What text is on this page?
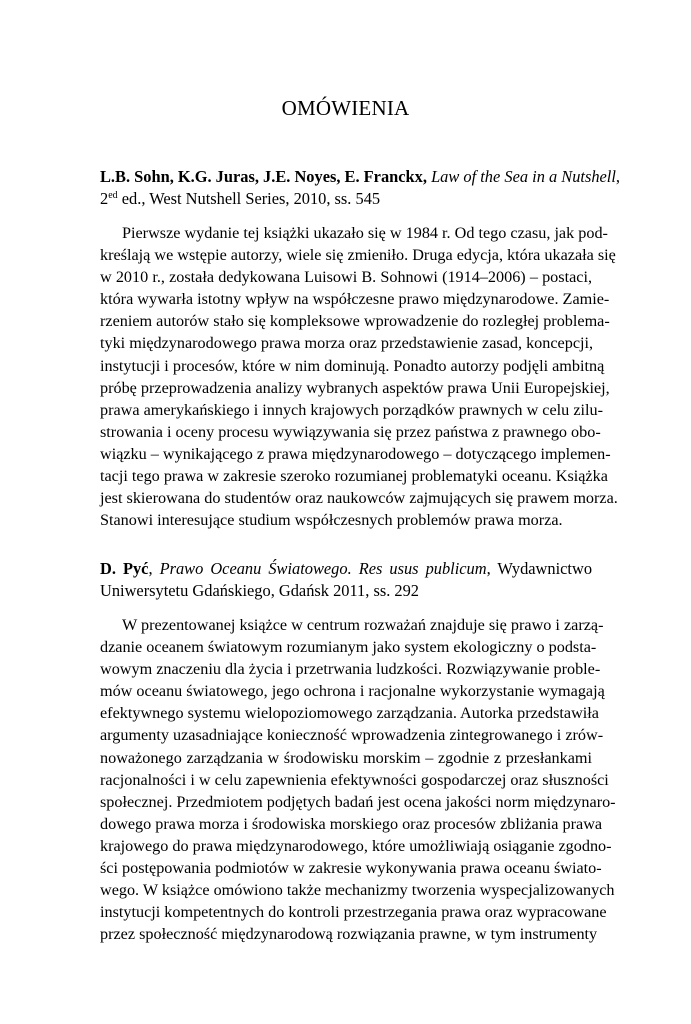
OMÓWIENIA
L.B. Sohn, K.G. Juras, J.E. Noyes, E. Franckx, Law of the Sea in a Nutshell,
$2^{ed}$ ed., West Nutshell Series, 2010, ss. 545
Pierwsze wydanie tej książki ukazało się w 1984 r. Od tego czasu, jak pod-
kreślają we wstępie autorzy, wiele się zmieniło. Druga edycja, która ukazała się
w 2010 r., została dedykowana Luisowi B. Sohnowi (1914–2006) – postaci,
która wywarła istotny wpływ na współczesne prawo międzynarodowe. Zamie-
rzeniem autorów stało się kompleksowe wprowadzenie do rozległej problema-
tyki międzynarodowego prawa morza oraz przedstawienie zasad, koncepcji,
instytucji i procesów, które w nim dominują. Ponadto autorzy podjęli ambitną
próbę przeprowadzenia analizy wybranych aspektów prawa Unii Europejskiej,
prawa amerykańskiego i innych krajowych porządków prawnych w celu zilu-
strowania i oceny procesu wywiązywania się przez państwa z prawnego obo-
wiązku – wynikającego z prawa międzynarodowego – dotyczącego implemen-
tacji tego prawa w zakresie szeroko rozumianej problematyki oceanu. Książka
jest skierowana do studentów oraz naukowców zajmujących się prawem morza.
Stanowi interesujące studium współczesnych problemów prawa morza.
D. Pyć, Prawo Oceanu Światowego. Res usus publicum, Wydawnictwo
Uniwersytetu Gdańskiego, Gdańsk 2011, ss. 292
W prezentowanej książce w centrum rozważań znajduje się prawo i zarzą-
dzanie oceanem światowym rozumianym jako system ekologiczny o podsta-
wowym znaczeniu dla życia i przetrwania ludzkości. Rozwiązywanie proble-
mów oceanu światowego, jego ochrona i racjonalne wykorzystanie wymagają
efektywnego systemu wielopoziomowego zarządzania. Autorka przedstawiła
argumenty uzasadniające konieczność wprowadzenia zintegrowanego i zrów-
noważonego zarządzania w środowisku morskim – zgodnie z przesłankami
racjonalności i w celu zapewnienia efektywności gospodarczej oraz słuszności
społecznej. Przedmiotem podjętych badań jest ocena jakości norm międzynaro-
dowego prawa morza i środowiska morskiego oraz procesów zbliżania prawa
krajowego do prawa międzynarodowego, które umożliwiają osiąganie zgodno-
ści postępowania podmiotów w zakresie wykonywania prawa oceanu świato-
wego. W książce omówiono także mechanizmy tworzenia wyspecjalizowanych
instytucji kompetentnych do kontroli przestrzegania prawa oraz wypracowane
przez społeczność międzynarodową rozwiązania prawne, w tym instrumenty
